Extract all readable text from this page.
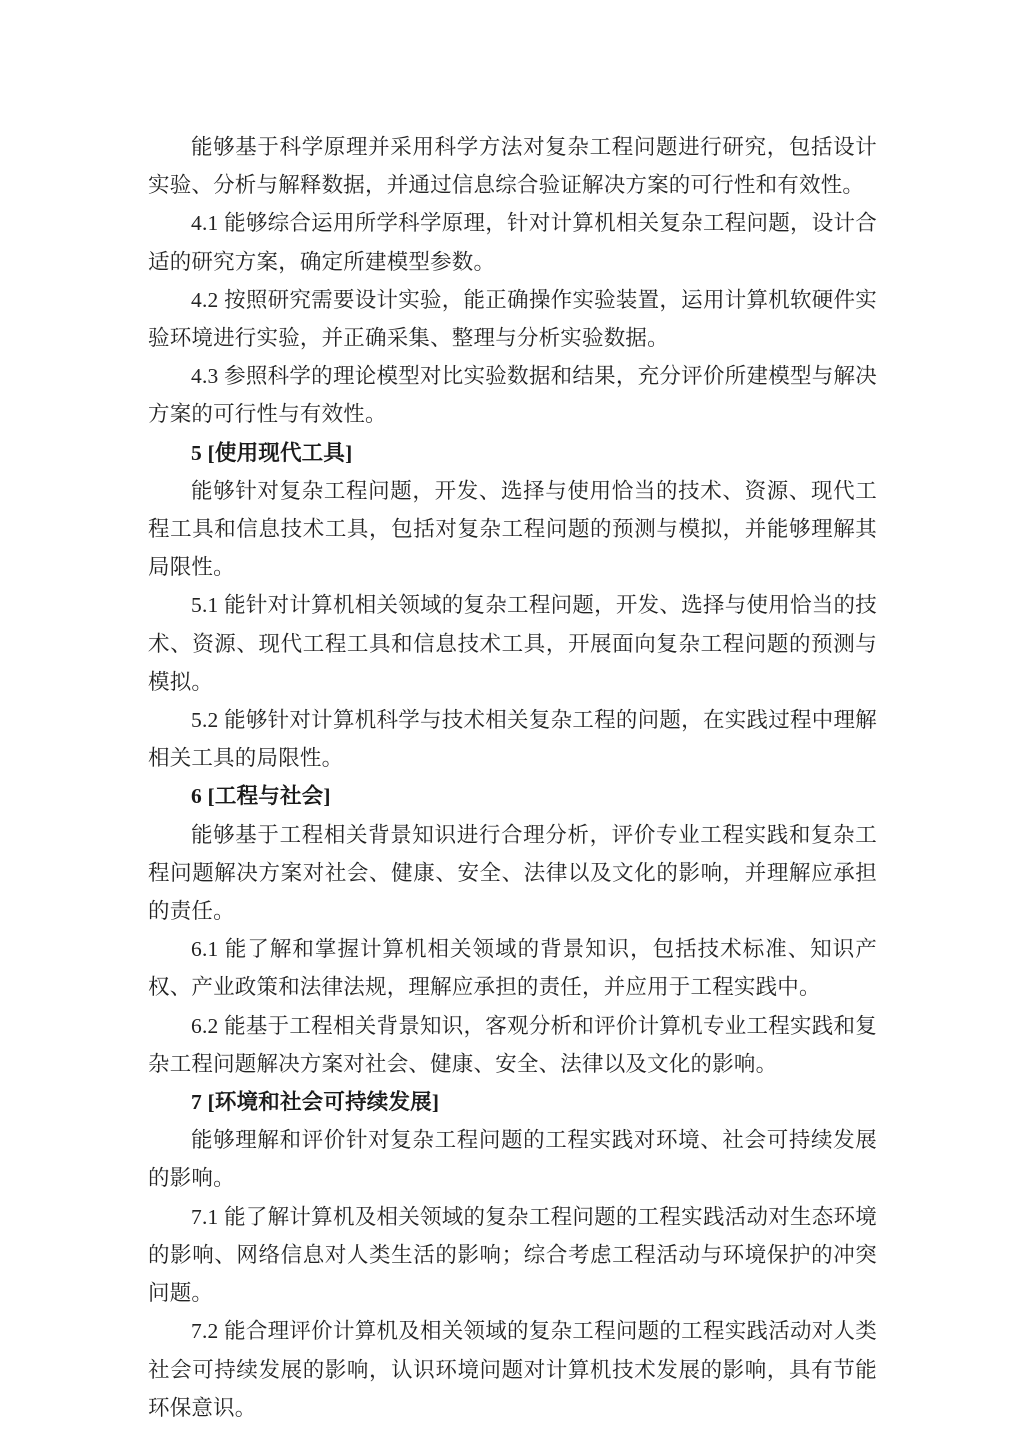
能够基于科学原理并采用科学方法对复杂工程问题进行研究，包括设计实验、分析与解释数据，并通过信息综合验证解决方案的可行性和有效性。

4.1 能够综合运用所学科学原理，针对计算机相关复杂工程问题，设计合适的研究方案，确定所建模型参数。

4.2 按照研究需要设计实验，能正确操作实验装置，运用计算机软硬件实验环境进行实验，并正确采集、整理与分析实验数据。

4.3 参照科学的理论模型对比实验数据和结果，充分评价所建模型与解决方案的可行性与有效性。

5 [使用现代工具]

能够针对复杂工程问题，开发、选择与使用恰当的技术、资源、现代工程工具和信息技术工具，包括对复杂工程问题的预测与模拟，并能够理解其局限性。

5.1 能针对计算机相关领域的复杂工程问题，开发、选择与使用恰当的技术、资源、现代工程工具和信息技术工具，开展面向复杂工程问题的预测与模拟。

5.2 能够针对计算机科学与技术相关复杂工程的问题，在实践过程中理解相关工具的局限性。

6 [工程与社会]

能够基于工程相关背景知识进行合理分析，评价专业工程实践和复杂工程问题解决方案对社会、健康、安全、法律以及文化的影响，并理解应承担的责任。

6.1 能了解和掌握计算机相关领域的背景知识，包括技术标准、知识产权、产业政策和法律法规，理解应承担的责任，并应用于工程实践中。

6.2 能基于工程相关背景知识，客观分析和评价计算机专业工程实践和复杂工程问题解决方案对社会、健康、安全、法律以及文化的影响。

7 [环境和社会可持续发展]

能够理解和评价针对复杂工程问题的工程实践对环境、社会可持续发展的影响。

7.1 能了解计算机及相关领域的复杂工程问题的工程实践活动对生态环境的影响、网络信息对人类生活的影响；综合考虑工程活动与环境保护的冲突问题。

7.2 能合理评价计算机及相关领域的复杂工程问题的工程实践活动对人类社会可持续发展的影响，认识环境问题对计算机技术发展的影响，具有节能环保意识。
